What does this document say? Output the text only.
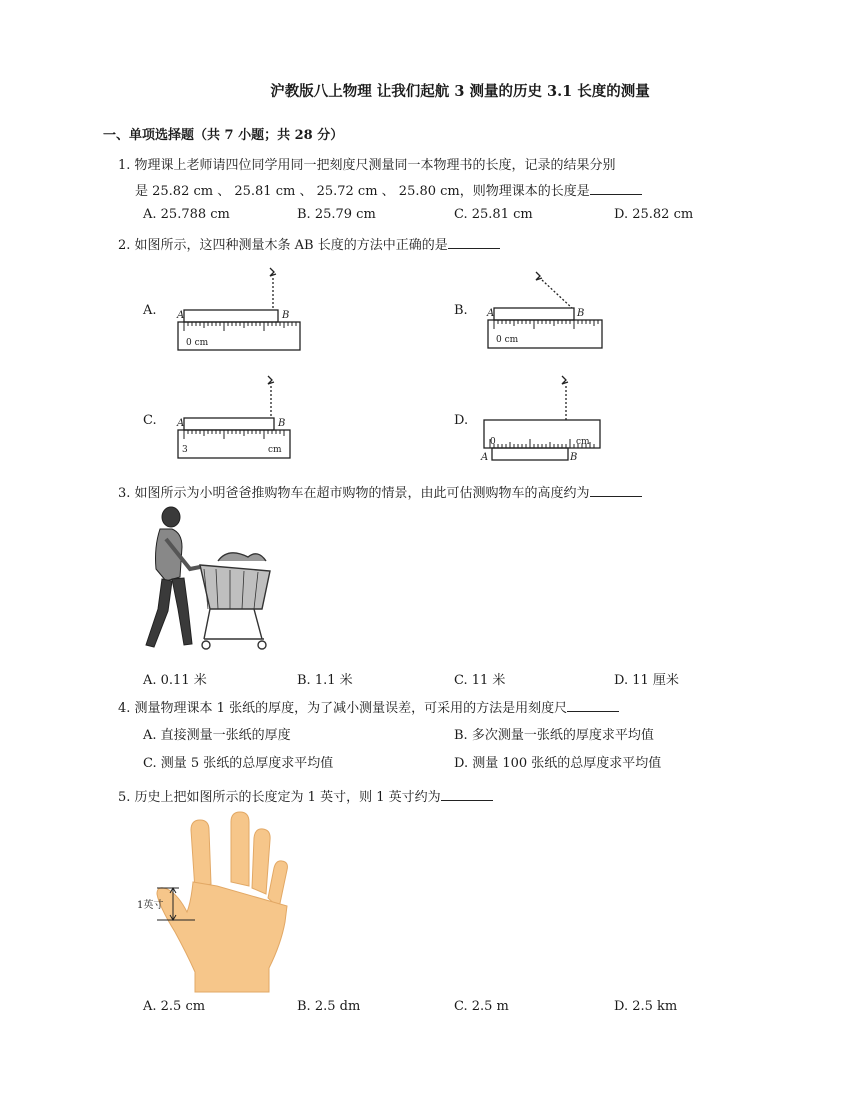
沪教版八上物理 让我们起航 3 测量的历史 3.1 长度的测量
一、单项选择题（共 7 小题；共 28 分）
1. 物理课上老师请四位同学用同一把刻度尺测量同一本物理书的长度，记录的结果分别
是 25.82 cm 、 25.81 cm 、 25.72 cm 、 25.80 cm，则物理课本的长度是
A. 25.788 cm	B. 25.79 cm	C. 25.81 cm	D. 25.82 cm
2. 如图所示，这四种测量木条 AB 长度的方法中正确的是
A.	B.
C.	D.
A	B
0 cm
A	B
0 cm
A	B
3	cm
0	cm
A	B
3. 如图所示为小明爸爸推购物车在超市购物的情景，由此可估测购物车的高度约为
A. 0.11 米	B. 1.1 米	C. 11 米	D. 11 厘米
4. 测量物理课本 1 张纸的厚度，为了减小测量误差，可采用的方法是用刻度尺
A. 直接测量一张纸的厚度	B. 多次测量一张纸的厚度求平均值
C. 测量 5 张纸的总厚度求平均值	D. 测量 100 张纸的总厚度求平均值
5. 历史上把如图所示的长度定为 1 英寸，则 1 英寸约为
1英寸
A. 2.5 cm	B. 2.5 dm	C. 2.5 m	D. 2.5 km
